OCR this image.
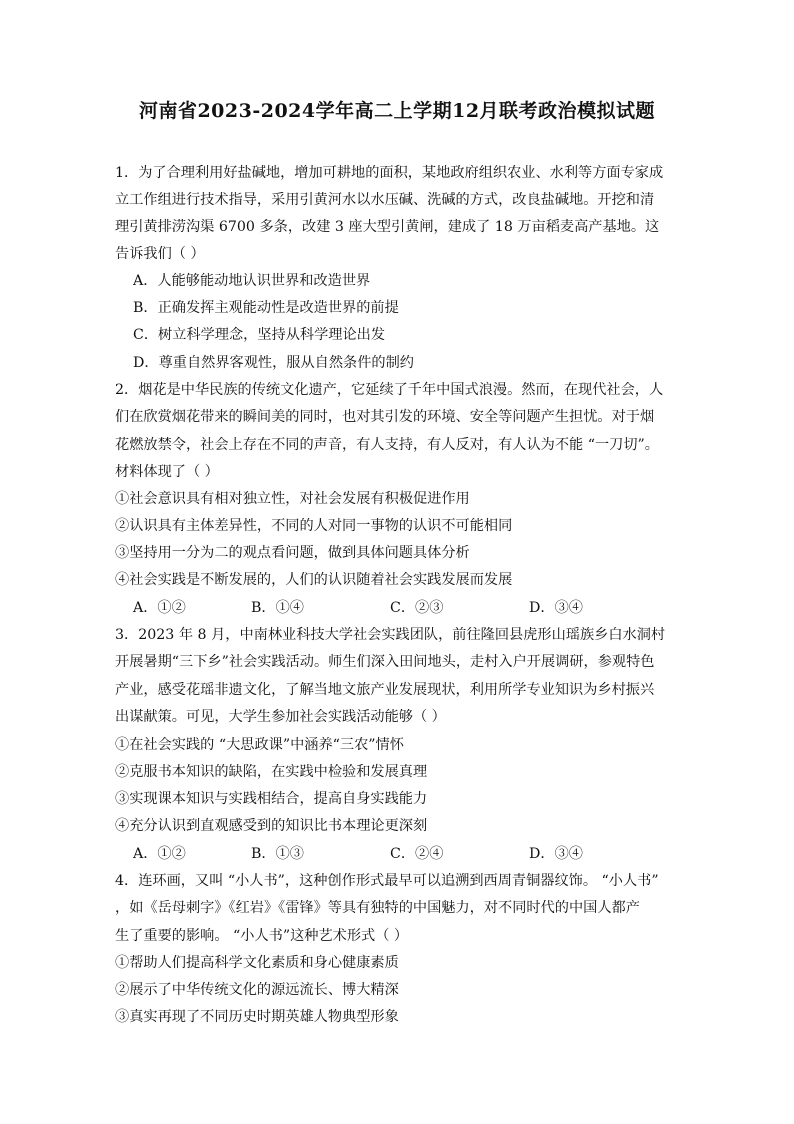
河南省2023-2024学年高二上学期12月联考政治模拟试题
1．为了合理利用好盐碱地，增加可耕地的面积，某地政府组织农业、水利等方面专家成
立工作组进行技术指导，采用引黄河水以水压碱、洗碱的方式，改良盐碱地。开挖和清
理引黄排涝沟渠 6700 多条，改建 3 座大型引黄闸，建成了 18 万亩稻麦高产基地。这
告诉我们（ ）
A．人能够能动地认识世界和改造世界
B．正确发挥主观能动性是改造世界的前提
C．树立科学理念，坚持从科学理论出发
D．尊重自然界客观性，服从自然条件的制约
2．烟花是中华民族的传统文化遗产，它延续了千年中国式浪漫。然而，在现代社会，人
们在欣赏烟花带来的瞬间美的同时，也对其引发的环境、安全等问题产生担忧。对于烟
花燃放禁令，社会上存在不同的声音，有人支持，有人反对，有人认为不能 “一刀切”。
材料体现了（ ）
①社会意识具有相对独立性，对社会发展有积极促进作用
②认识具有主体差异性，不同的人对同一事物的认识不可能相同
③坚持用一分为二的观点看问题，做到具体问题具体分析
④社会实践是不断发展的，人们的认识随着社会实践发展而发展
A．①②	B．①④	C．②③	D．③④
3．2023 年 8 月，中南林业科技大学社会实践团队，前往隆回县虎形山瑶族乡白水洞村
开展暑期“三下乡”社会实践活动。师生们深入田间地头，走村入户开展调研，参观特色
产业，感受花瑶非遗文化，了解当地文旅产业发展现状，利用所学专业知识为乡村振兴
出谋献策。可见，大学生参加社会实践活动能够（ ）
①在社会实践的 “大思政课”中涵养“三农”情怀
②克服书本知识的缺陷，在实践中检验和发展真理
③实现课本知识与实践相结合，提高自身实践能力
④充分认识到直观感受到的知识比书本理论更深刻
A．①②	B．①③	C．②④	D．③④
4．连环画，又叫 “小人书”，这种创作形式最早可以追溯到西周青铜器纹饰。 “小人书”
，如《岳母刺字》《红岩》《雷锋》等具有独特的中国魅力，对不同时代的中国人都产
生了重要的影响。 “小人书”这种艺术形式（ ）
①帮助人们提高科学文化素质和身心健康素质
②展示了中华传统文化的源远流长、博大精深
③真实再现了不同历史时期英雄人物典型形象
